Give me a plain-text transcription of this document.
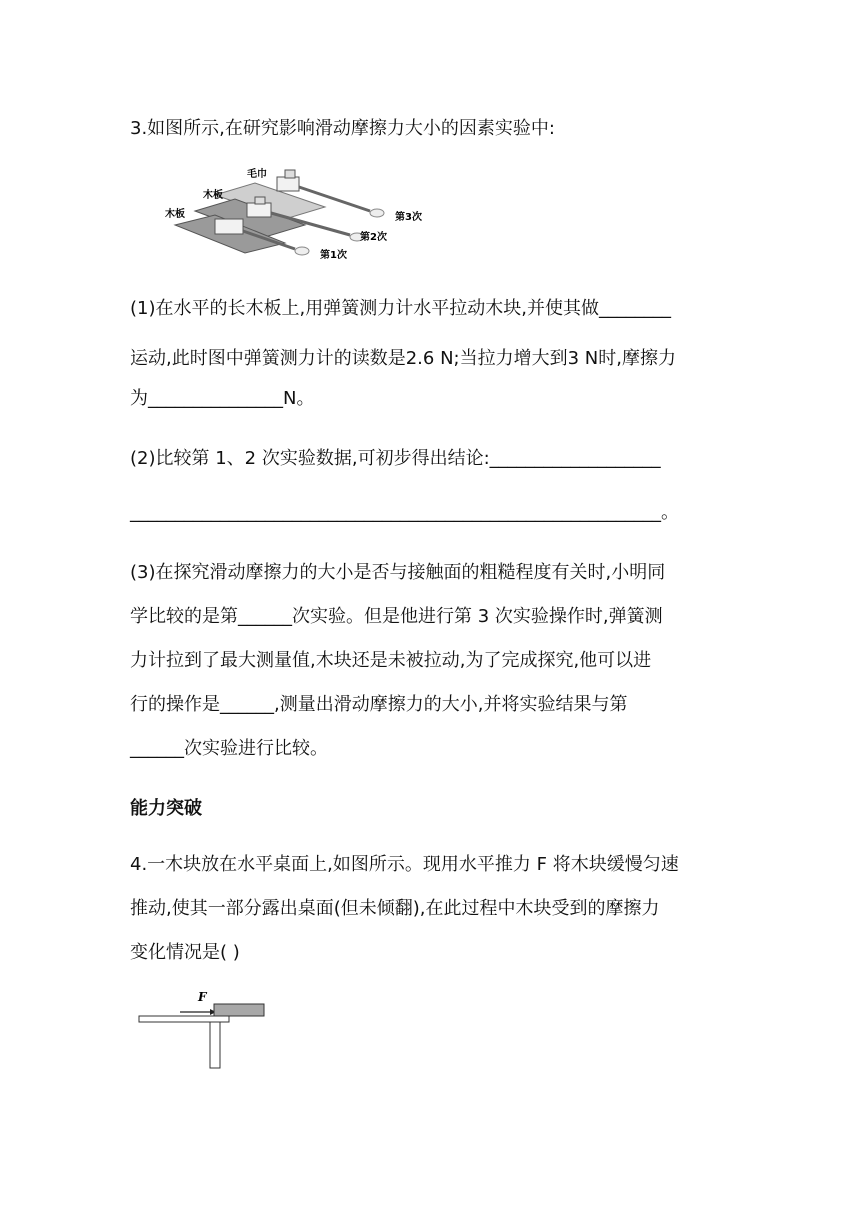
3.如图所示,在研究影响滑动摩擦力大小的因素实验中:
毛巾
木板
木板	第3次
第2次
第1次
(1)在水平的长木板上,用弹簧测力计水平拉动木块,并使其做________
运动,此时图中弹簧测力计的读数是2.6 N;当拉力增大到3 N时,摩擦力
为_______________N。
(2)比较第 1、2 次实验数据,可初步得出结论:___________________
___________________________________________________________。
(3)在探究滑动摩擦力的大小是否与接触面的粗糙程度有关时,小明同
学比较的是第______次实验。但是他进行第 3 次实验操作时,弹簧测
力计拉到了最大测量值,木块还是未被拉动,为了完成探究,他可以进
行的操作是______,测量出滑动摩擦力的大小,并将实验结果与第
______次实验进行比较。
能力突破
4.一木块放在水平桌面上,如图所示。现用水平推力 F 将木块缓慢匀速
推动,使其一部分露出桌面(但未倾翻),在此过程中木块受到的摩擦力
变化情况是( )
F
